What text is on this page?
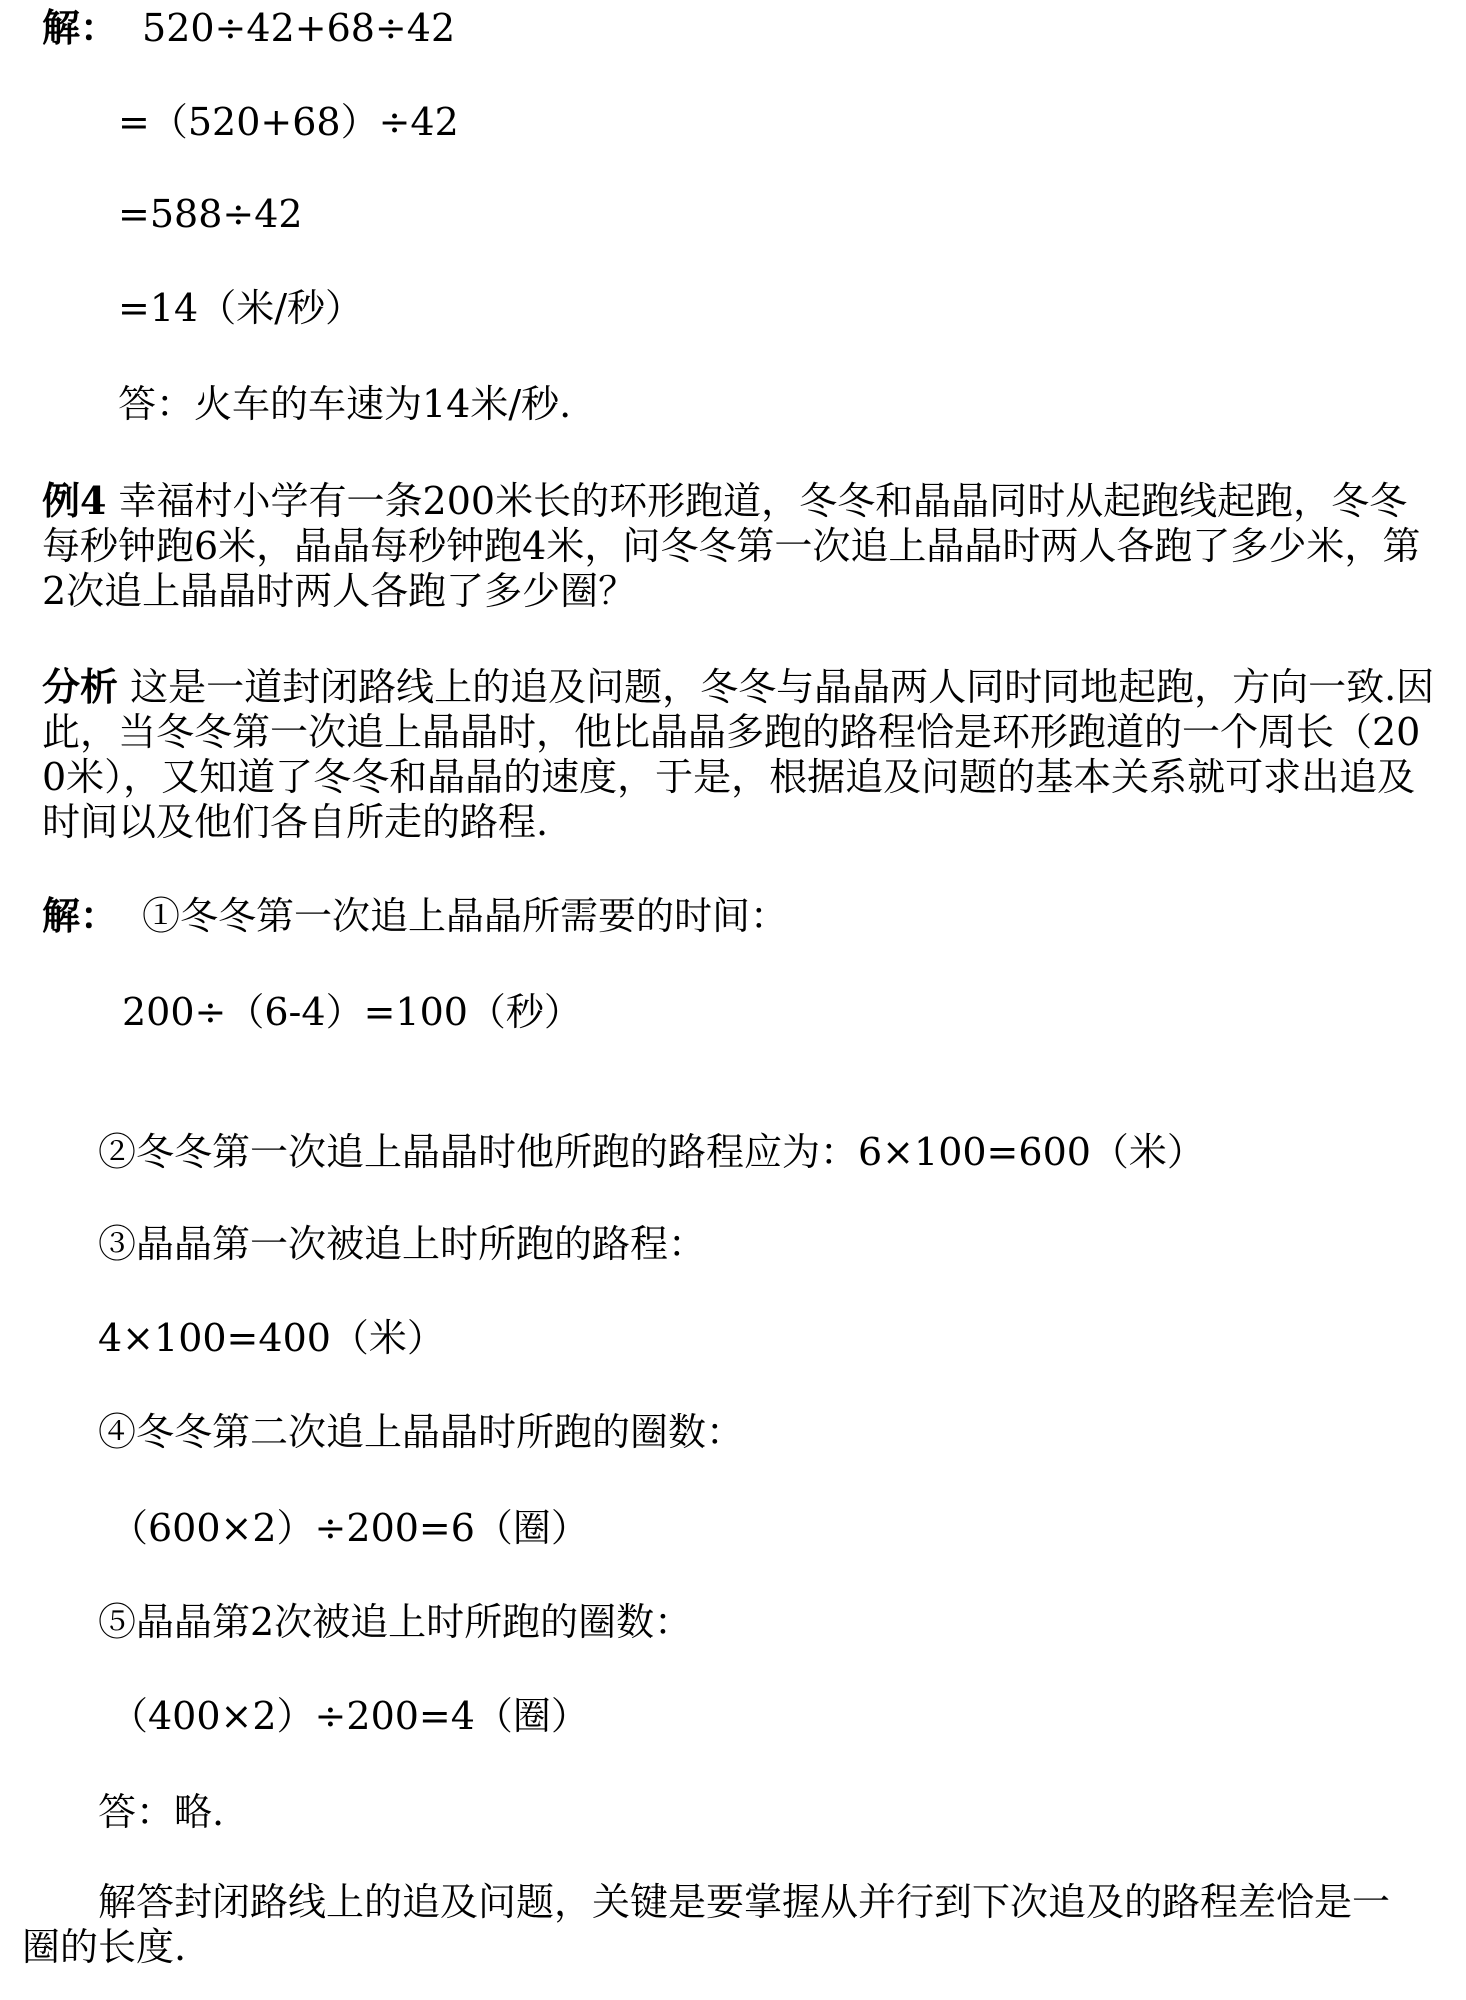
解： 520÷42+68÷42
=（520+68）÷42
=588÷42
=14（米/秒）
答：火车的车速为14米/秒.
例4 幸福村小学有一条200米长的环形跑道，冬冬和晶晶同时从起跑线起跑，冬冬每秒钟跑6米，晶晶每秒钟跑4米，问冬冬第一次追上晶晶时两人各跑了多少米，第2次追上晶晶时两人各跑了多少圈？
分析 这是一道封闭路线上的追及问题，冬冬与晶晶两人同时同地起跑，方向一致.因此，当冬冬第一次追上晶晶时，他比晶晶多跑的路程恰是环形跑道的一个周长（200米），又知道了冬冬和晶晶的速度，于是，根据追及问题的基本关系就可求出追及时间以及他们各自所走的路程.
解： ①冬冬第一次追上晶晶所需要的时间：
200÷（6-4）=100（秒）
②冬冬第一次追上晶晶时他所跑的路程应为：6×100=600（米）
③晶晶第一次被追上时所跑的路程：
4×100=400（米）
④冬冬第二次追上晶晶时所跑的圈数：
（600×2）÷200=6（圈）
⑤晶晶第2次被追上时所跑的圈数：
（400×2）÷200=4（圈）
答：略.
解答封闭路线上的追及问题，关键是要掌握从并行到下次追及的路程差恰是一圈的长度.
